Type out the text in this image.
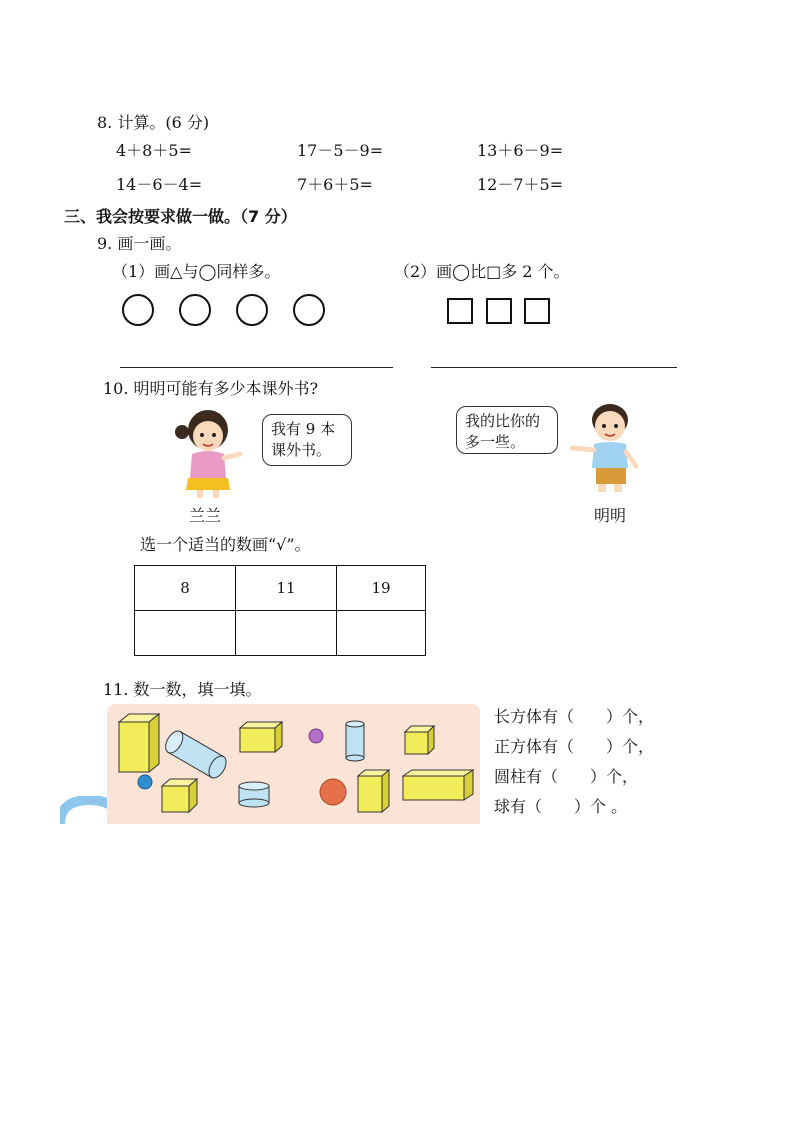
8. 计算。(6 分)
4＋8＋5=	17－5－9=	13＋6－9=
14－6－4=	7＋6＋5=	12－7＋5=
三、我会按要求做一做。（7 分）
9. 画一画。
（1）画△与◯同样多。	（2）画◯比□多 2 个。
10. 明明可能有多少本课外书?
我有 9 本
课外书。
兰兰
我的比你的
多一些。
明明
选一个适当的数画“√”。
8	11	19

11. 数一数，填一填。
长方体有（　　）个，
正方体有（　　）个，
圆柱有（　　）个，
球有（　　）个 。
